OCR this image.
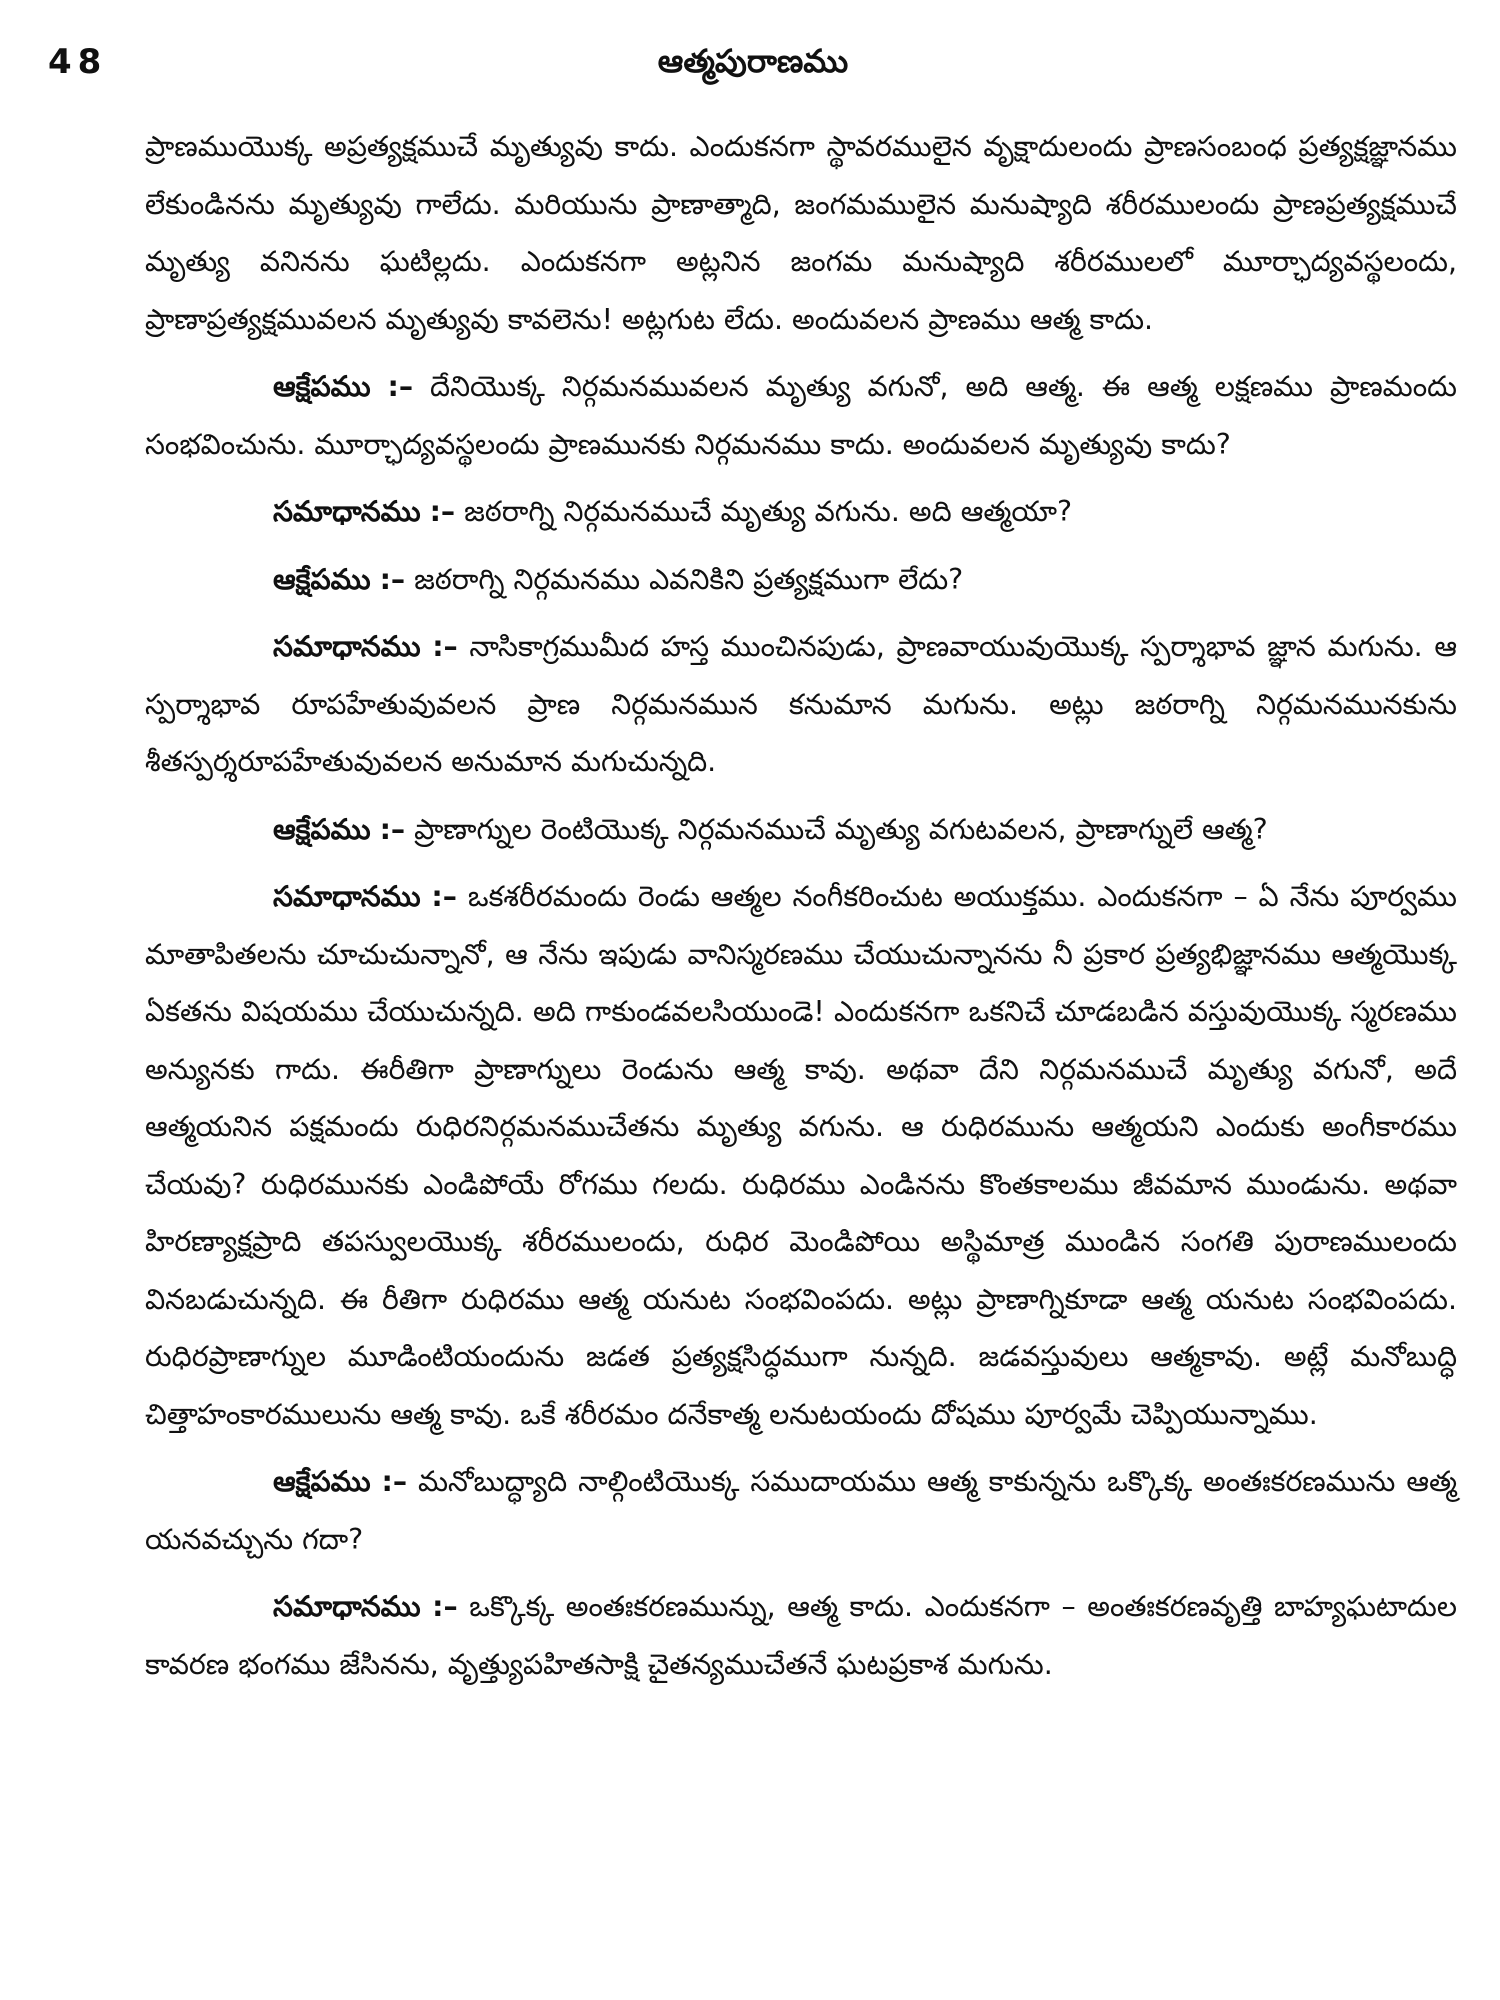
48	ఆత్మపురాణము

ప్రాణముయొక్క అప్రత్యక్షముచే మృత్యువు కాదు. ఎందుకనగా స్థావరములైన వృక్షాదులందు ప్రాణసంబంధ ప్రత్యక్షజ్ఞానము లేకుండినను మృత్యువు గాలేదు. మరియును ప్రాణాత్మాది, జంగమములైన మనుష్యాది శరీరములందు ప్రాణప్రత్యక్షముచే మృత్యు వనినను ఘటిల్లదు. ఎందుకనగా అట్లనిన జంగమ మనుష్యాది శరీరములలో మూర్ఛాద్యవస్థలందు, ప్రాణాప్రత్యక్షమువలన మృత్యువు కావలెను! అట్లగుట లేదు. అందువలన ప్రాణము ఆత్మ కాదు.

ఆక్షేపము :– దేనియొక్క నిర్గమనమువలన మృత్యు వగునో, అది ఆత్మ. ఈ ఆత్మ లక్షణము ప్రాణమందు సంభవించును. మూర్ఛాద్యవస్థలందు ప్రాణమునకు నిర్గమనము కాదు. అందువలన మృత్యువు కాదు?

సమాధానము :– జఠరాగ్ని నిర్గమనముచే మృత్యు వగును. అది ఆత్మయా?

ఆక్షేపము :– జఠరాగ్ని నిర్గమనము ఎవనికిని ప్రత్యక్షముగా లేదు?

సమాధానము :– నాసికాగ్రముమీద హస్త ముంచినపుడు, ప్రాణవాయువుయొక్క స్పర్శాభావ జ్ఞాన మగును. ఆ స్పర్శాభావ రూపహేతువువలన ప్రాణ నిర్గమనమున కనుమాన మగును. అట్లు జఠరాగ్ని నిర్గమనమునకును శీతస్పర్శరూపహేతువువలన అనుమాన మగుచున్నది.

ఆక్షేపము :– ప్రాణాగ్నుల రెంటియొక్క నిర్గమనముచే మృత్యు వగుటవలన, ప్రాణాగ్నులే ఆత్మ?

సమాధానము :– ఒకశరీరమందు రెండు ఆత్మల నంగీకరించుట అయుక్తము. ఎందుకనగా – ఏ నేను పూర్వము మాతాపితలను చూచుచున్నానో, ఆ నేను ఇపుడు వానిస్మరణము చేయుచున్నానను నీ ప్రకార ప్రత్యభిజ్ఞానము ఆత్మయొక్క ఏకతను విషయము చేయుచున్నది. అది గాకుండవలసియుండె! ఎందుకనగా ఒకనిచే చూడబడిన వస్తువుయొక్క స్మరణము అన్యునకు గాదు. ఈరీతిగా ప్రాణాగ్నులు రెండును ఆత్మ కావు. అథవా దేని నిర్గమనముచే మృత్యు వగునో, అదే ఆత్మయనిన పక్షమందు రుధిరనిర్గమనముచేతను మృత్యు వగును. ఆ రుధిరమును ఆత్మయని ఎందుకు అంగీకారము చేయవు? రుధిరమునకు ఎండిపోయే రోగము గలదు. రుధిరము ఎండినను కొంతకాలము జీవమాన ముండును. అథవా హిరణ్యాక్షప్రాది తపస్వులయొక్క శరీరములందు, రుధిర మెండిపోయి అస్థిమాత్ర ముండిన సంగతి పురాణములందు వినబడుచున్నది. ఈ రీతిగా రుధిరము ఆత్మ యనుట సంభవింపదు. అట్లు ప్రాణాగ్నికూడా ఆత్మ యనుట సంభవింపదు. రుధిరప్రాణాగ్నుల మూడింటియందును జడత ప్రత్యక్షసిద్ధముగా నున్నది. జడవస్తువులు ఆత్మకావు. అట్లే మనోబుద్ధి చిత్తాహంకారములును ఆత్మ కావు. ఒకే శరీరమం దనేకాత్మ లనుటయందు దోషము పూర్వమే చెప్పియున్నాము.

ఆక్షేపము :– మనోబుద్ధ్యాది నాల్గింటియొక్క సముదాయము ఆత్మ కాకున్నను ఒక్కొక్క అంతఃకరణమును ఆత్మ యనవచ్చును గదా?

సమాధానము :– ఒక్కొక్క అంతఃకరణమున్ను, ఆత్మ కాదు. ఎందుకనగా – అంతఃకరణవృత్తి బాహ్యఘటాదుల కావరణ భంగము జేసినను, వృత్త్యుపహితసాక్షి చైతన్యముచేతనే ఘటప్రకాశ మగును.
